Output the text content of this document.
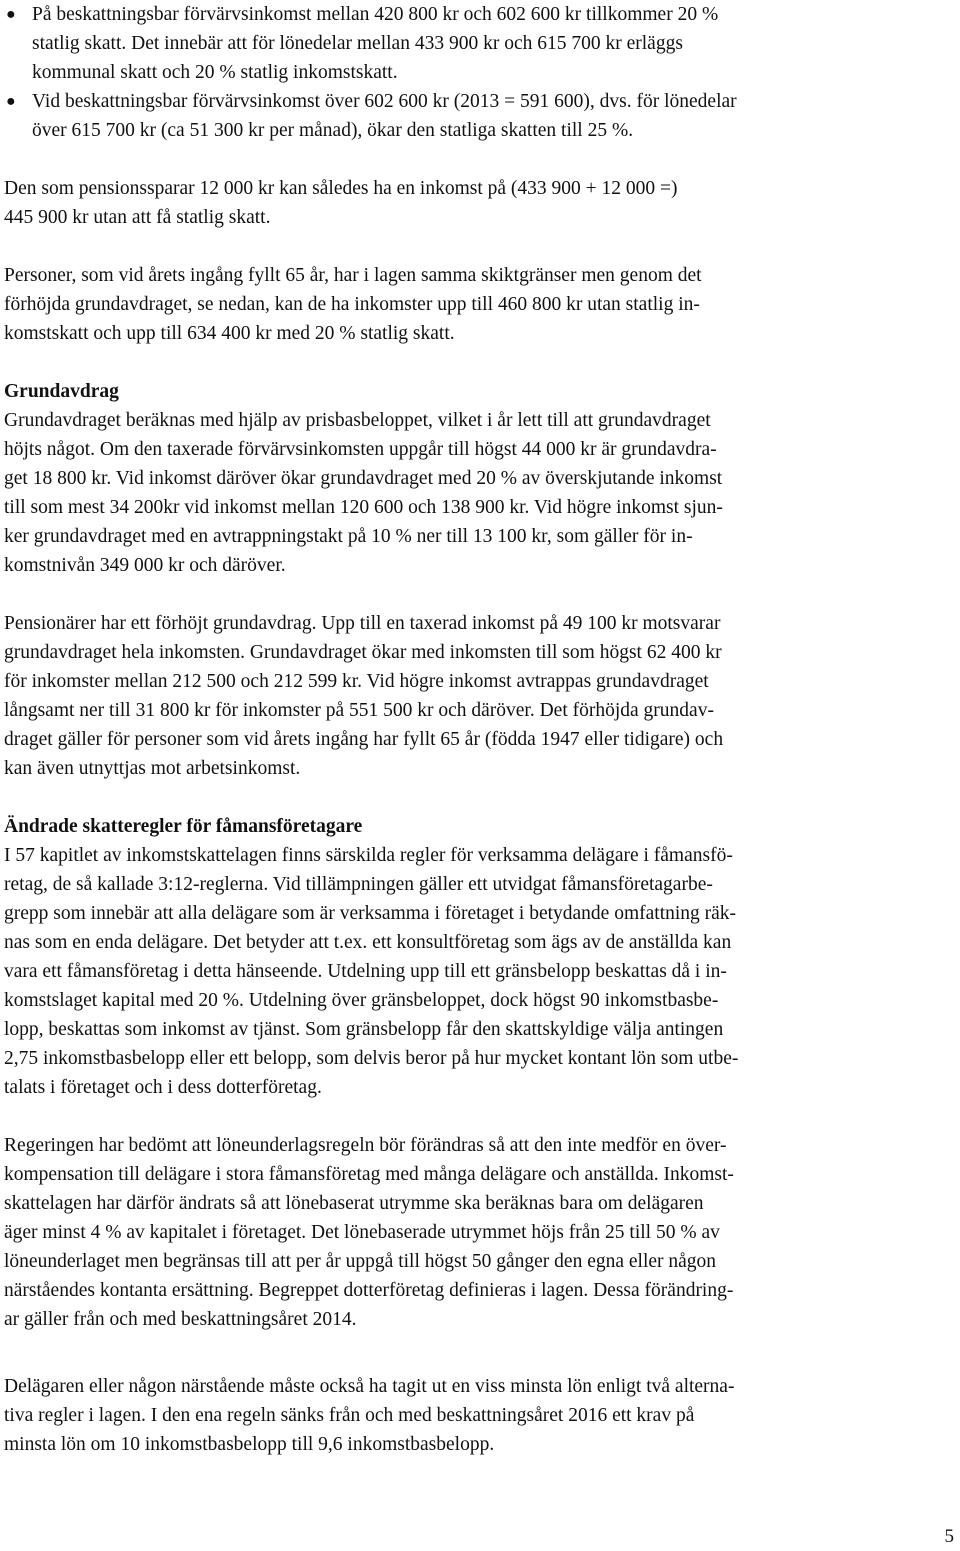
● På beskattningsbar förvärvsinkomst mellan 420 800 kr och 602 600 kr tillkommer 20 %
statlig skatt. Det innebär att för lönedelar mellan 433 900 kr och 615 700 kr erläggs
kommunal skatt och 20 % statlig inkomstskatt.
● Vid beskattningsbar förvärvsinkomst över 602 600 kr (2013 = 591 600), dvs. för lönedelar
över 615 700 kr (ca 51 300 kr per månad), ökar den statliga skatten till 25 %.
Den som pensionssparar 12 000 kr kan således ha en inkomst på (433 900 + 12 000 =)
445 900 kr utan att få statlig skatt.
Personer, som vid årets ingång fyllt 65 år, har i lagen samma skiktgränser men genom det
förhöjda grundavdraget, se nedan, kan de ha inkomster upp till 460 800 kr utan statlig in-
komstskatt och upp till 634 400 kr med 20 % statlig skatt.
Grundavdrag
Grundavdraget beräknas med hjälp av prisbasbeloppet, vilket i år lett till att grundavdraget
höjts något. Om den taxerade förvärvsinkomsten uppgår till högst 44 000 kr är grundavdra-
get 18 800 kr. Vid inkomst däröver ökar grundavdraget med 20 % av överskjutande inkomst
till som mest 34 200kr vid inkomst mellan 120 600 och 138 900 kr. Vid högre inkomst sjun-
ker grundavdraget med en avtrappningstakt på 10 % ner till 13 100 kr, som gäller för in-
komstnivån 349 000 kr och däröver.
Pensionärer har ett förhöjt grundavdrag. Upp till en taxerad inkomst på 49 100 kr motsvarar
grundavdraget hela inkomsten. Grundavdraget ökar med inkomsten till som högst 62 400 kr
för inkomster mellan 212 500 och 212 599 kr. Vid högre inkomst avtrappas grundavdraget
långsamt ner till 31 800 kr för inkomster på 551 500 kr och däröver. Det förhöjda grundav-
draget gäller för personer som vid årets ingång har fyllt 65 år (födda 1947 eller tidigare) och
kan även utnyttjas mot arbetsinkomst.
Ändrade skatteregler för fåmansföretagare
I 57 kapitlet av inkomstskattelagen finns särskilda regler för verksamma delägare i fåmansfö-
retag, de så kallade 3:12-reglerna. Vid tillämpningen gäller ett utvidgat fåmansföretagarbe-
grepp som innebär att alla delägare som är verksamma i företaget i betydande omfattning räk-
nas som en enda delägare. Det betyder att t.ex. ett konsultföretag som ägs av de anställda kan
vara ett fåmansföretag i detta hänseende. Utdelning upp till ett gränsbelopp beskattas då i in-
komstslaget kapital med 20 %. Utdelning över gränsbeloppet, dock högst 90 inkomstbasbe-
lopp, beskattas som inkomst av tjänst. Som gränsbelopp får den skattskyldige välja antingen
2,75 inkomstbasbelopp eller ett belopp, som delvis beror på hur mycket kontant lön som utbe-
talats i företaget och i dess dotterföretag.
Regeringen har bedömt att löneunderlagsregeln bör förändras så att den inte medför en över-
kompensation till delägare i stora fåmansföretag med många delägare och anställda. Inkomst-
skattelagen har därför ändrats så att lönebaserat utrymme ska beräknas bara om delägaren
äger minst 4 % av kapitalet i företaget. Det lönebaserade utrymmet höjs från 25 till 50 % av
löneunderlaget men begränsas till att per år uppgå till högst 50 gånger den egna eller någon
närståendes kontanta ersättning. Begreppet dotterföretag definieras i lagen. Dessa förändring-
ar gäller från och med beskattningsåret 2014.
Delägaren eller någon närstående måste också ha tagit ut en viss minsta lön enligt två alterna-
tiva regler i lagen. I den ena regeln sänks från och med beskattningsåret 2016 ett krav på
minsta lön om 10 inkomstbasbelopp till 9,6 inkomstbasbelopp.
5
